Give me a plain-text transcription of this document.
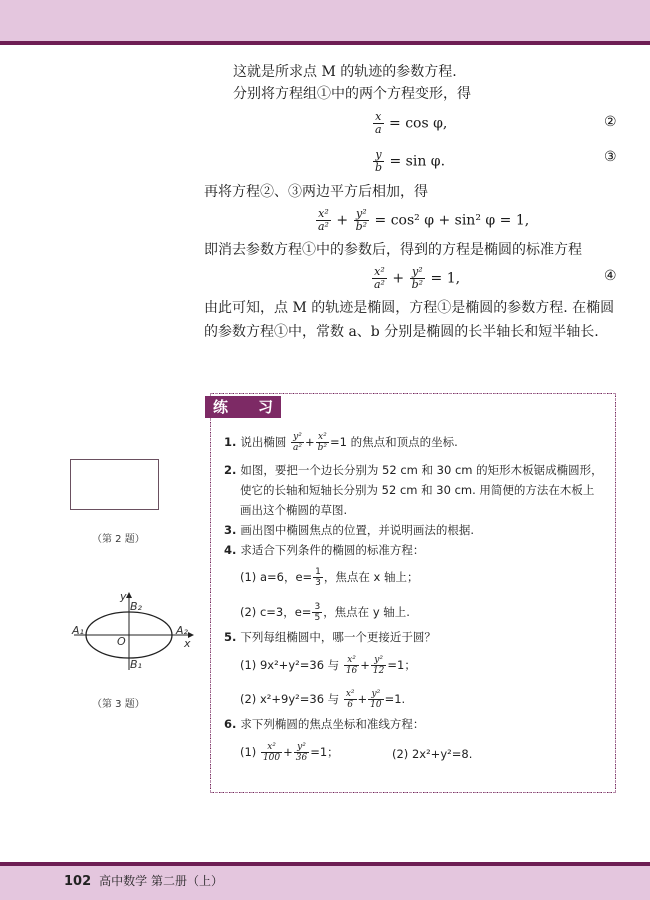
这就是所求点 M 的轨迹的参数方程.
分别将方程组①中的两个方程变形，得
$\frac{x}{a} = \cos \varphi$,	②
$\frac{y}{b} = \sin \varphi$.	③
再将方程②、③两边平方后相加，得
$\frac{\text{x²}}{\text{a²}} + \frac{\text{y²}}{\text{b²}} = \cos^2$ φ + sin² φ = 1,
即消去参数方程①中的参数后，得到的方程是椭圆的标准方程
$\frac{\text{x²}}{\text{a²}} + \frac{\text{y²}}{\text{b²}} = 1$,	④
由此可知，点 M 的轨迹是椭圆，方程①是椭圆的参数方程. 在椭圆
的参数方程①中，常数 a、b 分别是椭圆的长半轴长和短半轴长.
练 习
1. 说出椭圆 $\frac{\text{y²}}{\text{a²}} + \frac{\text{x²}}{\text{b²}} =1$ 的焦点和顶点的坐标.
2. 如图，要把一个边长分别为 52 cm 和 30 cm 的矩形木板锯成椭圆形，
使它的长轴和短轴长分别为 52 cm 和 30 cm. 用简便的方法在木板上
画出这个椭圆的草图.
3. 画出图中椭圆焦点的位置，并说明画法的根据.
4. 求适合下列条件的椭圆的标准方程：
(1) a=6，$e= \frac{1}{3}$ ，焦点在 x 轴上；
(2) c=3，$e= \frac{3}{5}$ ，焦点在 y 轴上.
5. 下列每组椭圆中，哪一个更接近于圆？
(1) 9x²+y²=36 与 $\frac{\text{x²}}{16} + \frac{\text{y²}}{12} =1$；
(2) x²+9y²=36 与 $\frac{\text{x²}}{6} + \frac{\text{y²}}{10} =1$.
6. 求下列椭圆的焦点坐标和准线方程：
$(1) \frac{\text{x²}}{100} + \frac{\text{y²}}{36} =1$；	(2) 2x²+y²=8.
（第 2 题）
y
x
O
A₁	A₂
B₂
B₁
（第 3 题）
102 高中数学 第二册（上）
